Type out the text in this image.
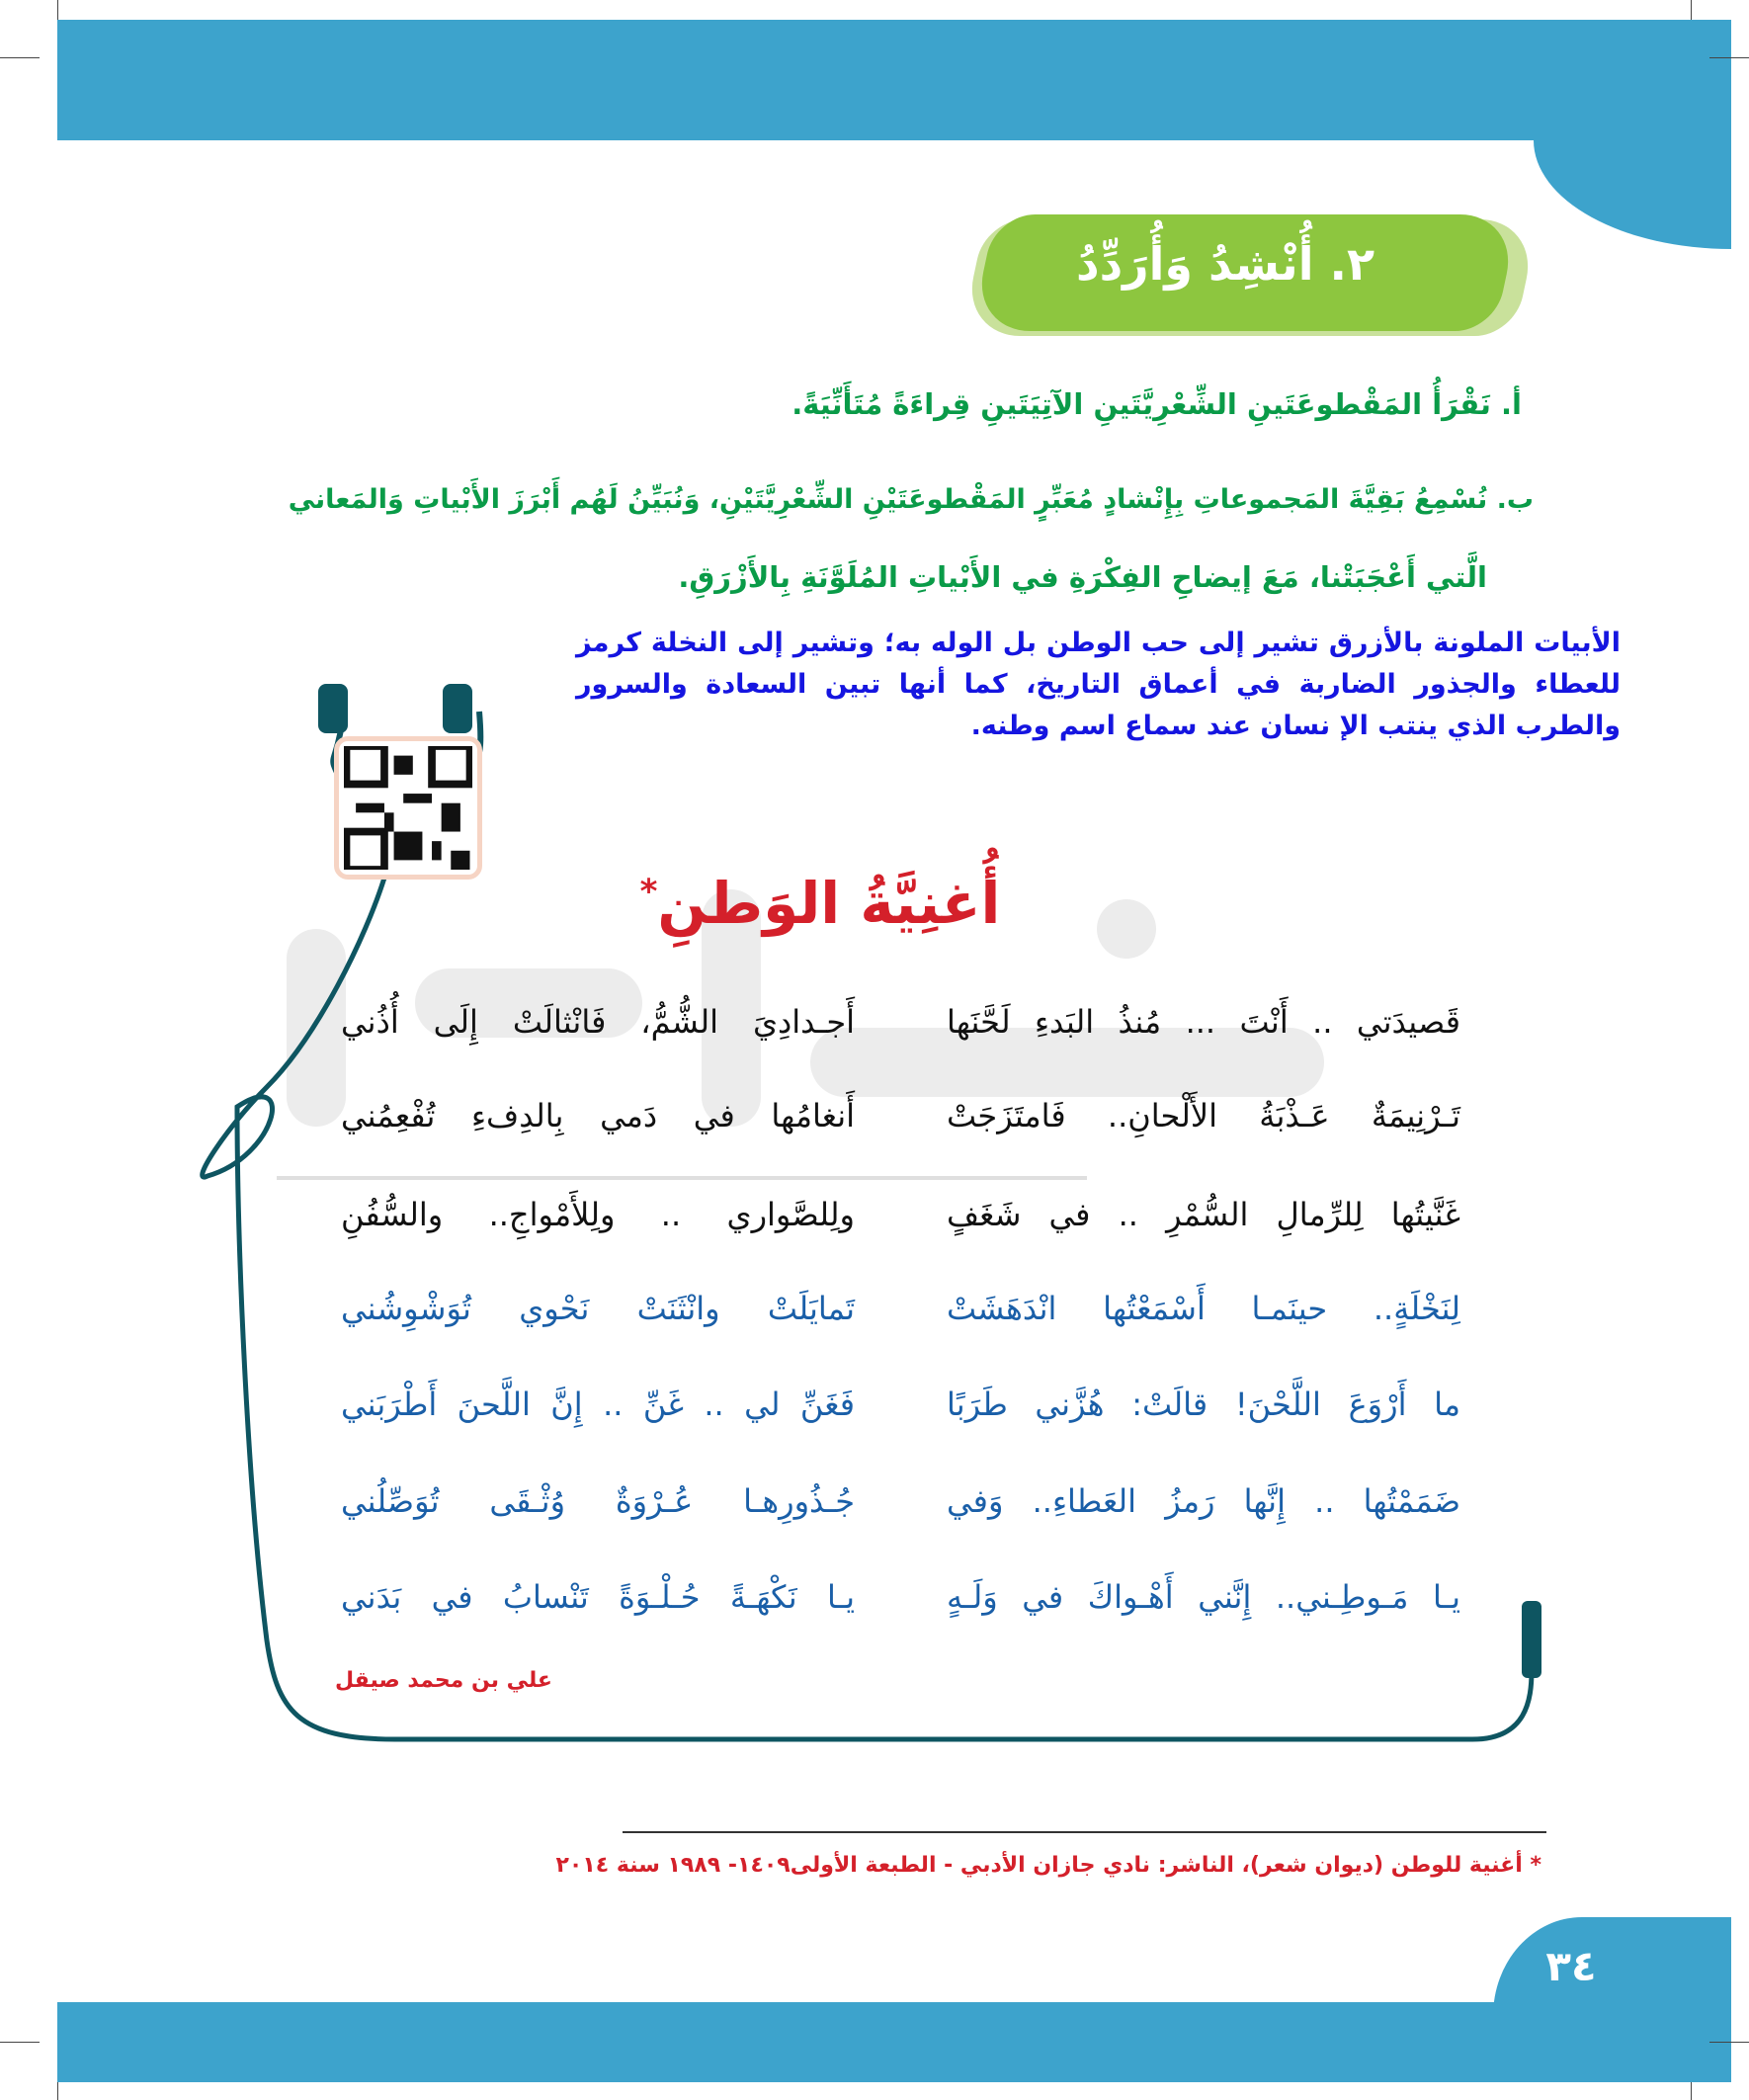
٢. أُنْشِدُ وَأُرَدِّدُ
أ. نَقْرَأُ المَقْطوعَتَينِ الشِّعْرِيَّتَينِ الآتِيَتَينِ قِراءَةً مُتَأَنِّيَةً.
ب. نُسْمِعُ بَقِيَّةَ المَجموعاتِ بِإِنْشادٍ مُعَبِّرٍ المَقْطوعَتَيْنِ الشِّعْرِيَّتَيْنِ، وَنُبَيِّنُ لَهُم أَبْرَزَ الأَبْياتِ وَالمَعاني
الَّتي أَعْجَبَتْنا، مَعَ إيضاحِ الفِكْرَةِ في الأَبْياتِ المُلَوَّنَةِ بِالأَزْرَقِ.
الأبيات الملونة بالأزرق تشير إلى حب الوطن بل الوله به؛ وتشير إلى النخلة كرمز للعطاء والجذور الضاربة في أعماق التاريخ، كما أنها تبين السعادة والسرور والطرب الذي ينتب الإ نسان عند سماع اسم وطنه.
أُغنِيَّةُ الوَطنِ*
قَصيدَتي .. أَنْتَ ... مُنذُ البَدءِ لَحَّنَها
أَجـدادِيَ الشُّمُّ، فَانْثالَتْ إِلَى أُذُني
تَـرْنِيمَةٌ عَـذْبَةُ الأَلْحانِ.. فَامتَزَجَتْ
أَنغامُها في دَمي بِالدِفءِ تُفْعِمُني
غَنَّيتُها لِلرِّمالِ السُّمْرِ .. في شَغَفٍ
ولِلصَّواري .. ولِلأَمْواجِ.. والسُّفُنِ
لِنَخْلَةٍ.. حينَمـا أَسْمَعْتُها انْدَهَشَتْ
تَمايَلَتْ وانْثَنَتْ نَحْوي تُوَشْوِشُني
ما أَرْوَعَ اللَّحْنَ! قالَتْ: هُزَّني طَرَبًا
فَغَنِّ لي .. غَنِّ .. إِنَّ اللَّحنَ أَطْرَبَني
ضَمَمْتُها .. إِنَّها رَمزُ العَطاءِ.. وَفي
جُـذُورِهـا عُـرْوَةٌ وُثْـقَى تُوَصِّلُني
يـا مَـوطِـني.. إِنَّني أَهْـواكَ في وَلَـهٍ
يـا نَكْهَـةً حُـلْـوَةً تَنْسابُ في بَدَني
علي بن محمد صيقل
* أغنية للوطن (ديوان شعر)، الناشر: نادي جازان الأدبي - الطبعة الأولى١٤٠٩- ١٩٨٩ سنة ٢٠١٤
٣٤
